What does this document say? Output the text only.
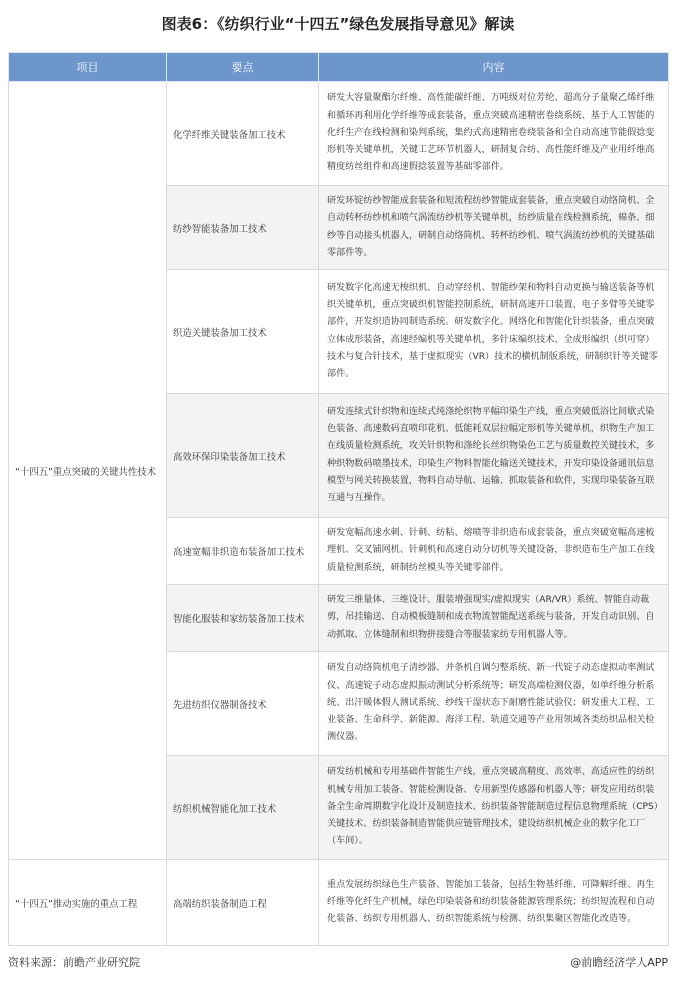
图表6：《纺织行业“十四五”绿色发展指导意见》解读
项目	要点	内容
“十四五”重点突破的关键共性技术	化学纤维关键装备加工技术	研发大容量聚酯尔纤维、高性能碳纤维、万吨级对位芳纶、超高分子量聚乙烯纤维和循环再利用化学纤维等成套装备，重点突破高速精密卷绕系统、基于人工智能的化纤生产在线检测和染判系统，集约式高速精密卷绕装备和全自动高速节能假捻变形机等关键单机，关键工艺环节机器人，研制复合纺、高性能纤维及产业用纤维高精度纺丝组件和高速假捻装置等基础零部件。
	纺纱智能装备加工技术	研发环锭纺纱智能成套装备和短流程纺纱智能成套装备，重点突破自动络筒机、全自动转杯纺纱机和喷气涡流纺纱机等关键单机，纺纱质量在线检测系统，棉条、细纱等自动接头机器人，研制自动络筒机、转杯纺纱机、喷气涡流纺纱机的关键基础零部件等。
	织造关键装备加工技术	研发数字化高速无梭织机、自动穿经机、智能纱架和物料自动更换与输送装备等机织关键单机，重点突破织机智能控制系统，研制高速开口装置、电子多臂等关键零部件，开发织造协同制造系统。研发数字化、网络化和智能化针织装备，重点突破立体成形装备，高速经编机等关键单机，多针床编织技术、全成形编织（织可穿）技术与复合针技术，基于虚拟现实（VR）技术的横机制版系统，研制织针等关键零部件。
	高效环保印染装备加工技术	研发连续式针织物和连续式纯涤纶织物平幅印染生产线，重点突破低浴比间歇式染色装备、高速数码直喷印花机、低能耗双层拉幅定形机等关键单机，织物生产加工在线质量检测系统，攻关针织物和涤纶长丝织物染色工艺与质量数控关键技术，多种织物数码喷墨技术，印染生产物料智能化输送关键技术，开发印染设备通讯信息模型与网关转换装置，物料自动导航、运输、抓取装备和软件，实现印染装备互联互通与互操作。
	高速宽幅非织造布装备加工技术	研发宽幅高速水刺、针刺、纺粘、熔喷等非织造布成套装备，重点突破宽幅高速梳理机、交叉铺网机、针刺机和高速自动分切机等关键设备，非织造布生产加工在线质量检测系统，研制纺丝模头等关键零部件。
	智能化服装和家纺装备加工技术	研发三维量体、三维设计、服装增强现实/虚拟现实（AR/VR）系统、智能自动裁剪，吊挂输送、自动模板缝制和成衣物流智能配送系统与装备，开发自动识别、自动抓取、立体缝制和织物拼接缝合等服装家纺专用机器人等。
	先进纺织仪器制备技术	研发自动络筒机电子清纱器、并条机自调匀整系统、新一代锭子动态虚拟动率测试仪、高速锭子动态虚拟振动测试分析系统等；研发高端检测仪器，如单纤维分析系统、出汗暖体假人测试系统、纱线干湿状态下耐磨性能试验仪；研发重大工程、工业装备、生命科学、新能源、海洋工程、轨道交通等产业用领域各类纺织品相关检测仪器。
	纺织机械智能化加工技术	研发纺机械和专用基础件智能生产线，重点突破高精度、高效率、高适应性的纺织机械专用加工装备、智能检测设备、专用新型传感器和机器人等；研发应用纺织装备全生命周期数字化设计及制造技术、纺织装备智能制造过程信息物理系统（CPS）关键技术、纺织装备制造智能供应链管理技术，建设纺织机械企业的数字化工厂（车间）。
“十四五”推动实施的重点工程	高端纺织装备制造工程	重点发展纺织绿色生产装备、智能加工装备，包括生物基纤维、可降解纤维、再生纤维等化纤生产机械，绿色印染装备和纺织装备能源管理系统；纺织短流程和自动化装备、纺织专用机器人、纺织智能系统与检测、纺织集聚区智能化改造等。
资料来源：前瞻产业研究院	@前瞻经济学人APP
